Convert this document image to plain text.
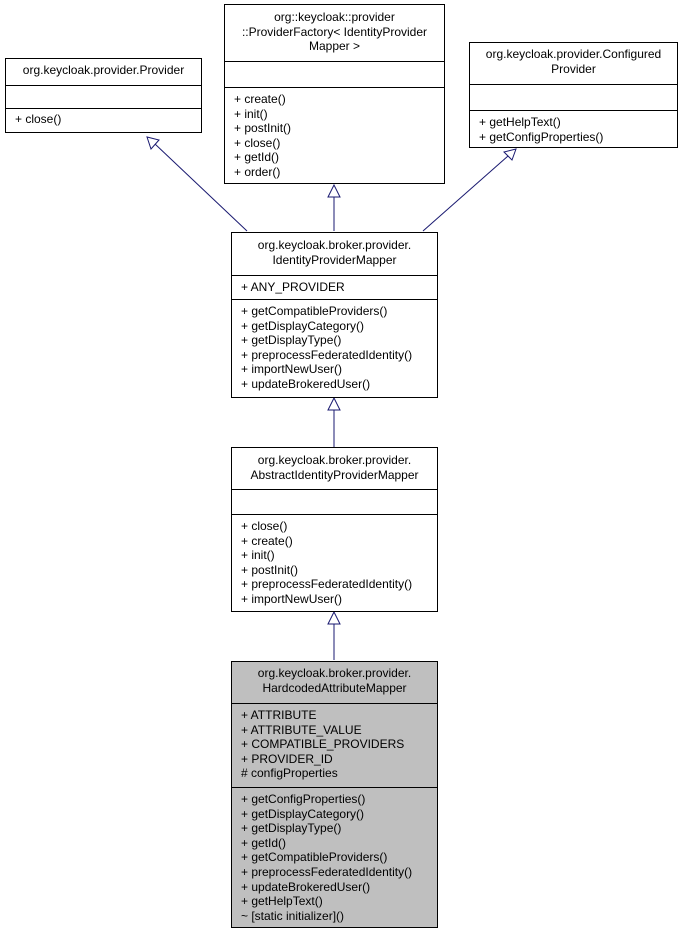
org.keycloak.provider.Provider
+ close()
org::keycloak::provider
::ProviderFactory< IdentityProvider
Mapper >
+ create()
+ init()
+ postInit()
+ close()
+ getId()
+ order()
org.keycloak.provider.Configured
Provider
+ getHelpText()
+ getConfigProperties()
org.keycloak.broker.provider.
IdentityProviderMapper
+ ANY_PROVIDER
+ getCompatibleProviders()
+ getDisplayCategory()
+ getDisplayType()
+ preprocessFederatedIdentity()
+ importNewUser()
+ updateBrokeredUser()
org.keycloak.broker.provider.
AbstractIdentityProviderMapper
+ close()
+ create()
+ init()
+ postInit()
+ preprocessFederatedIdentity()
+ importNewUser()
org.keycloak.broker.provider.
HardcodedAttributeMapper
+ ATTRIBUTE
+ ATTRIBUTE_VALUE
+ COMPATIBLE_PROVIDERS
+ PROVIDER_ID
# configProperties
+ getConfigProperties()
+ getDisplayCategory()
+ getDisplayType()
+ getId()
+ getCompatibleProviders()
+ preprocessFederatedIdentity()
+ updateBrokeredUser()
+ getHelpText()
~ [static initializer]()
